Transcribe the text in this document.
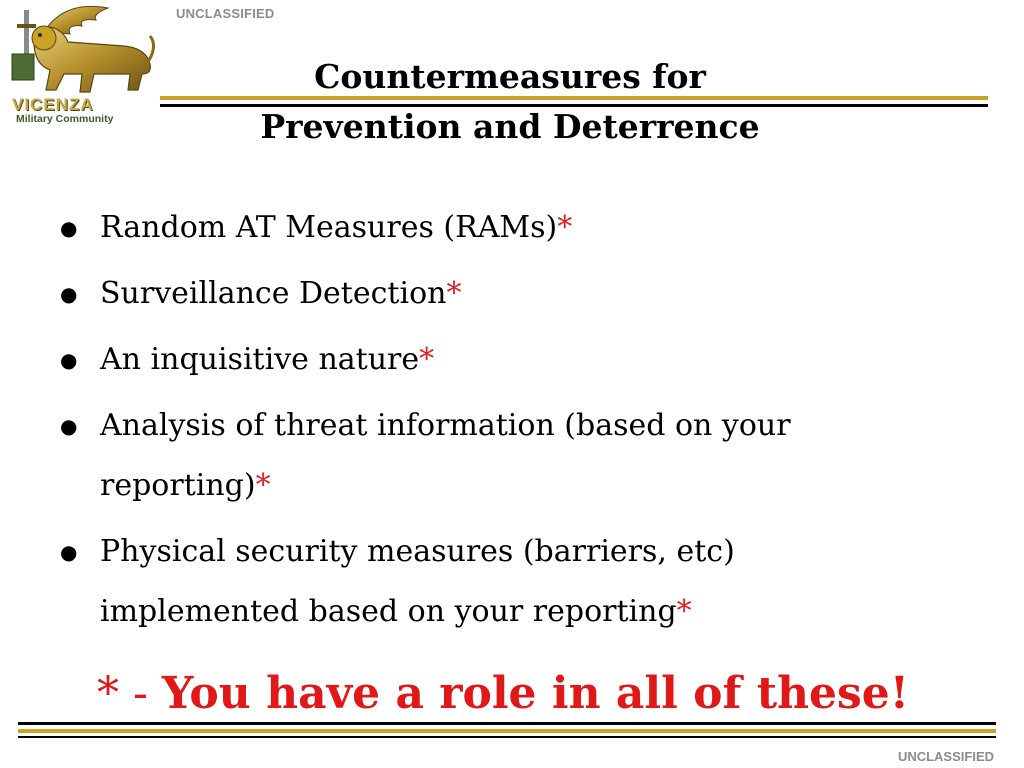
UNCLASSIFIED
VICENZA
Military Community
Countermeasures for
Prevention and Deterrence
● Random AT Measures (RAMs)*
● Surveillance Detection*
● An inquisitive nature*
● Analysis of threat information (based on your reporting)*
● Physical security measures (barriers, etc) implemented based on your reporting*
* - You have a role in all of these!
UNCLASSIFIED
